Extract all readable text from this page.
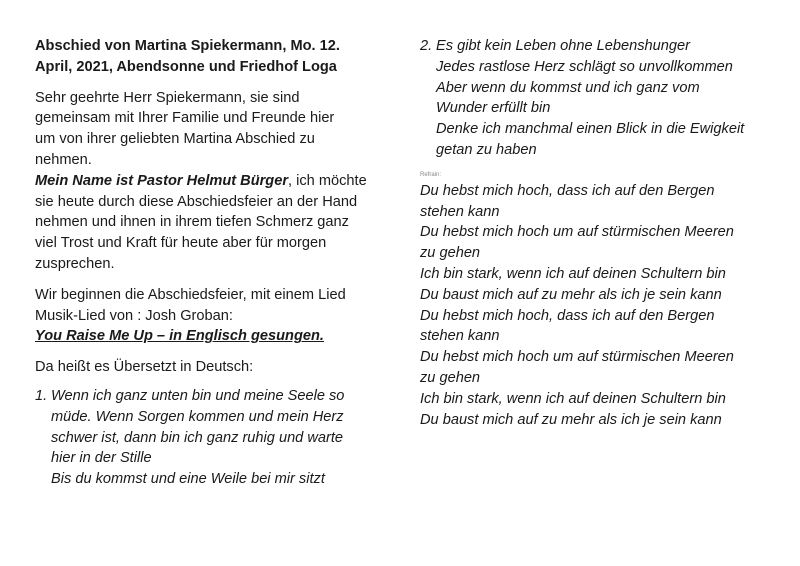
Abschied von Martina Spiekermann, Mo. 12.
April, 2021, Abendsonne und Friedhof Loga
Sehr geehrte Herr Spiekermann, sie sind
gemeinsam mit Ihrer Familie und Freunde hier
um von ihrer geliebten Martina Abschied zu
nehmen.
Mein Name ist Pastor Helmut Bürger, ich möchte
sie heute durch diese Abschiedsfeier an der Hand
nehmen und ihnen in ihrem tiefen Schmerz ganz
viel Trost und Kraft für heute aber für morgen
zusprechen.
Wir beginnen die Abschiedsfeier, mit einem Lied
Musik-Lied von : Josh Groban:
You Raise Me Up – in Englisch gesungen.
Da heißt es Übersetzt in Deutsch:
1. Wenn ich ganz unten bin und meine Seele so
müde. Wenn Sorgen kommen und mein Herz
schwer ist, dann bin ich ganz ruhig und warte
hier in der Stille
Bis du kommst und eine Weile bei mir sitzt
2. Es gibt kein Leben ohne Lebenshunger
Jedes rastlose Herz schlägt so unvollkommen
Aber wenn du kommst und ich ganz vom
Wunder erfüllt bin
Denke ich manchmal einen Blick in die Ewigkeit
getan zu haben
Refrain:
Du hebst mich hoch, dass ich auf den Bergen
stehen kann
Du hebst mich hoch um auf stürmischen Meeren
zu gehen
Ich bin stark, wenn ich auf deinen Schultern bin
Du baust mich auf zu mehr als ich je sein kann
Du hebst mich hoch, dass ich auf den Bergen
stehen kann
Du hebst mich hoch um auf stürmischen Meeren
zu gehen
Ich bin stark, wenn ich auf deinen Schultern bin
Du baust mich auf zu mehr als ich je sein kann
